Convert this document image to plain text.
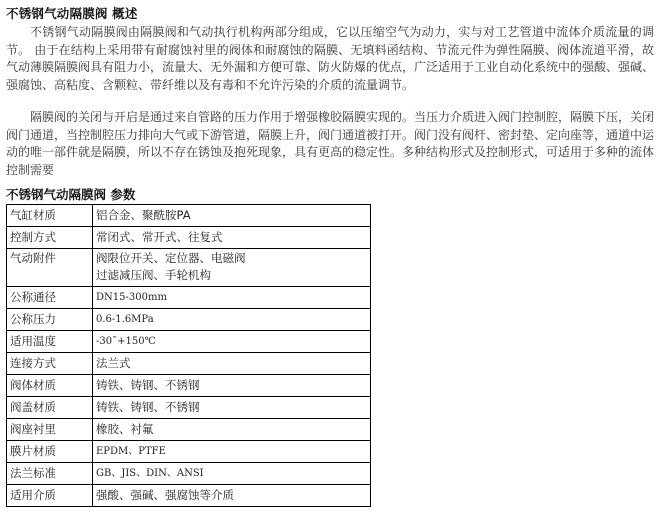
不锈钢气动隔膜阀 概述

不锈钢气动隔膜阀由隔膜阀和气动执行机构两部分组成，它以压缩空气为动力，实与对工艺管道中流体介质流量的调节。 由于在结构上采用带有耐腐蚀衬里的阀体和耐腐蚀的隔膜、无填料函结构、节流元件为弹性隔膜、阀体流道平滑，故气动薄膜隔膜阀具有阻力小，流量大、无外漏和方便可靠、防火防爆的优点，广泛适用于工业自动化系统中的强酸、强碱、强腐蚀、高粘度、含颗粒、带纤维以及有毒和不允许污染的介质的流量调节。

隔膜阀的关闭与开启是通过来自管路的压力作用于增强橡胶隔膜实现的。当压力介质进入阀门控制腔，隔膜下压，关闭阀门通道，当控制腔压力排向大气或下游管道，隔膜上升，阀门通道被打开。阀门没有阀杆、密封垫、定向座等，通道中运动的唯一部件就是隔膜，所以不存在锈蚀及抱死现象，具有更高的稳定性。多种结构形式及控制形式，可适用于多种的流体控制需要

不锈钢气动隔膜阀 参数
气缸材质	铝合金、聚酰胺PA

控制方式	常闭式、常开式、往复式

气动附件	阀限位开关、定位器、电磁阀
过滤减压阀、手轮机构

公称通径	DN15-300mm

公称压力	0.6-1.6MPa

适用温度	-30˜+150℃

连接方式	法兰式

阀体材质	铸铁、铸钢、不锈钢

阀盖材质	铸铁、铸钢、不锈钢

阀座衬里	橡胶、衬氟

膜片材质	EPDM、PTFE

法兰标准	GB、JIS、DIN、ANSI

适用介质	强酸、强碱、强腐蚀等介质
